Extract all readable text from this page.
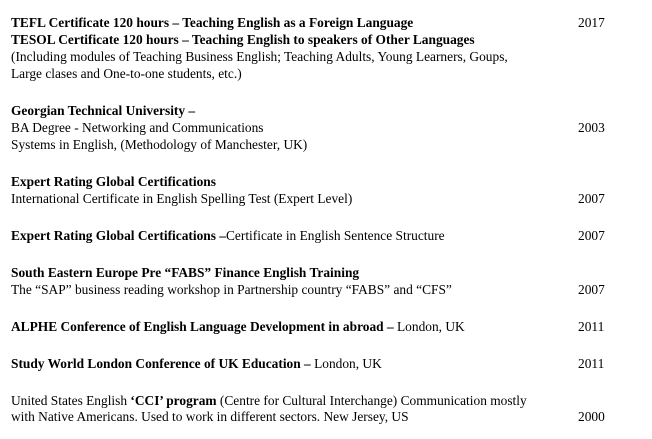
TEFL Certificate 120 hours – Teaching English as a Foreign Language	2017
TESOL Certificate 120 hours – Teaching English to speakers of Other Languages
(Including modules of Teaching Business English; Teaching Adults, Young Learners, Goups,
Large clases and One-to-one students, etc.)
Georgian Technical University –
BA Degree - Networking and Communications	2003
Systems in English, (Methodology of Manchester, UK)
Expert Rating Global Certifications
International Certificate in English Spelling Test (Expert Level)	2007
Expert Rating Global Certifications –Certificate in English Sentence Structure	2007
South Eastern Europe Pre “FABS” Finance English Training
The “SAP” business reading workshop in Partnership country “FABS” and “CFS”	2007
ALPHE Conference of English Language Development in abroad – London, UK	2011
Study World London Conference of UK Education – London, UK	2011
United States English ‘CCI’ program (Centre for Cultural Interchange) Communication mostly
with Native Americans. Used to work in different sectors. New Jersey, US	2000
